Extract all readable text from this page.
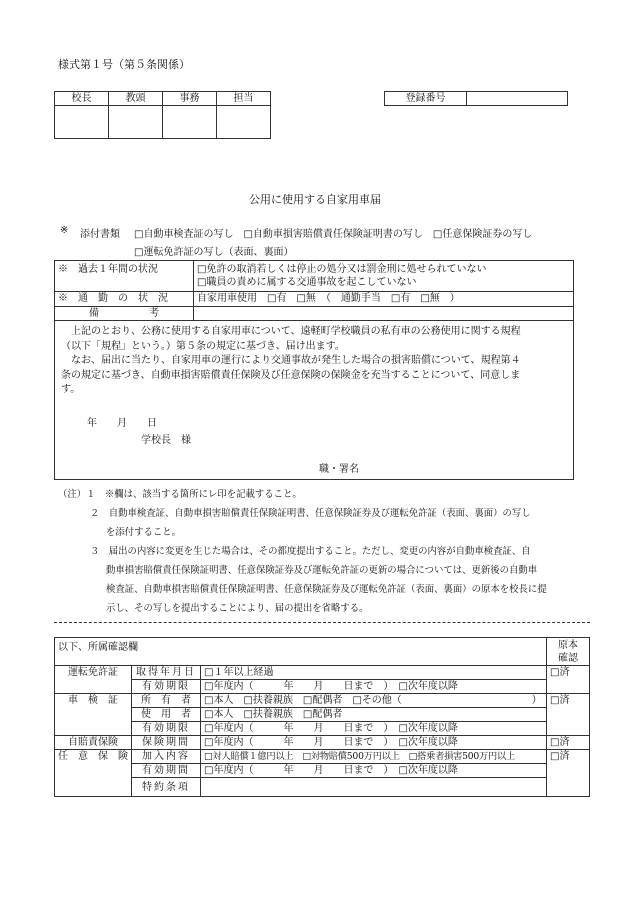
様式第１号（第５条関係）
校長	教頭	事務	担当
				登録番号	
公用に使用する自家用車届
※ 添付書類 □自動車検査証の写し　□自動車損害賠償責任保険証明書の写し　□任意保険証券の写し
□運転免許証の写し（表面、裏面）
※　過去１年間の状況	□免許の取消若しくは停止の処分又は罰金刑に処せられていない
□職員の責めに属する交通事故を起こしていない

※　通　勤　の　状　況	自家用車使用　□有　□無　（　通勤手当　□有　□無　）
備　　　　　考	
上記のとおり、公務に使用する自家用車について、遠軽町学校職員の私有車の公務使用に関する規程
（以下「規程」という。）第５条の規定に基づき、届け出ます。
なお、届出に当たり、自家用車の運行により交通事故が発生した場合の損害賠償について、規程第４
条の規定に基づき、自動車損害賠償責任保険及び任意保険の保険金を充当することについて、同意しま
す。
年　　月　　日
学校長　様
職・署名
（注）１　※欄は、該当する箇所にレ印を記載すること。
２　自動車検査証、自動車損害賠償責任保険証明書、任意保険証券及び運転免許証（表面、裏面）の写し
を添付すること。
３　届出の内容に変更を生じた場合は、その都度提出すること。ただし、変更の内容が自動車検査証、自
動車損害賠償責任保険証明書、任意保険証券及び運転免許証の更新の場合については、更新後の自動車
検査証、自動車損害賠償責任保険証明書、任意保険証券及び運転免許証（表面、裏面）の原本を校長に提
示し、その写しを提出することにより、届の提出を省略する。
以下、所属確認欄			原本
確認

運転免許証	取得年月日	□１年以上経過	□済
	有効期限	□年度内（　　　年　　月　　日まで　）　□次年度以降	
車　検　証	所　有　者	□本人　□扶養親族　□配偶者　□その他（　　　　　　　　　　　　　）	□済
	使　用　者	□本人　□扶養親族　□配偶者	
	有効期限	□年度内（　　　年　　月　　日まで　）　□次年度以降	
自賠責保険	保険期間	□年度内（　　　年　　月　　日まで　）　□次年度以降	□済
任　意　保　険	加入内容	□対人賠償１億円以上　□対物賠償500万円以上　□搭乗者損害500万円以上	□済
	有効期間	□年度内（　　　年　　月　　日まで　）　□次年度以降	
	特約条項		
